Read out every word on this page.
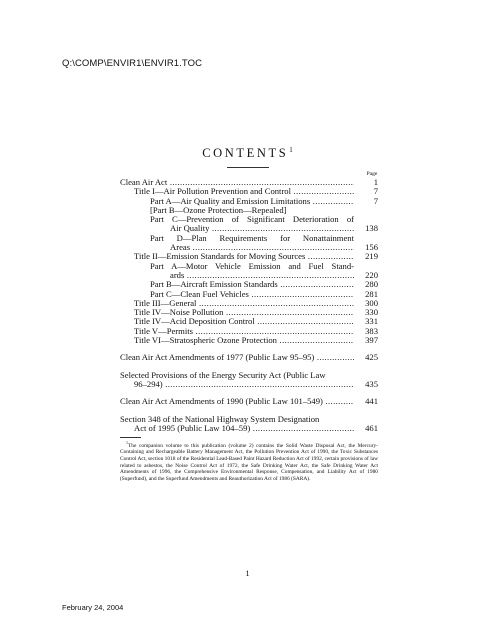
Q:\COMP\ENVIR1\ENVIR1.TOC
CONTENTS$^1$
Page
Clean Air Act .....	1
Title I—Air Pollution Prevention and Control .....	7
Part A—Air Quality and Emission Limitations .....	7
[Part B—Ozone Protection—Repealed]
Part C—Prevention of Significant Deterioration of
Air Quality .....	138
Part D—Plan Requirements for Nonattainment
Areas .....	156
Title II—Emission Standards for Moving Sources .....	219
Part A—Motor Vehicle Emission and Fuel Stand-
ards .....	220
Part B—Aircraft Emission Standards .....	280
Part C—Clean Fuel Vehicles .....	281
Title III—General .....	300
Title IV—Noise Pollution .....	330
Title IV—Acid Deposition Control .....	331
Title V—Permits .....	383
Title VI—Stratospheric Ozone Protection .....	397
Clean Air Act Amendments of 1977 (Public Law 95–95) .....	425
Selected Provisions of the Energy Security Act (Public Law
96–294) .....	435
Clean Air Act Amendments of 1990 (Public Law 101–549) .....	441
Section 348 of the National Highway System Designation
Act of 1995 (Public Law 104–59) .....	461
$^1$The companion volume to this publication (volume 2) contains the Solid Waste Disposal Act, the Mercury-Containing and Rechargeable Battery Management Act, the Pollution Prevention Act of 1990, the Toxic Substances Control Act, section 1018 of the Residential Lead-Based Paint Hazard Reduction Act of 1992, certain provisions of law related to asbestos, the Noise Control Act of 1972, the Safe Drinking Water Act, the Safe Drinking Water Act Amendments of 1996, the Comprehensive Environmental Response, Compensation, and Liability Act of 1980 (Superfund), and the Superfund Amendments and Reauthorization Act of 1986 (SARA).
1
February 24, 2004
